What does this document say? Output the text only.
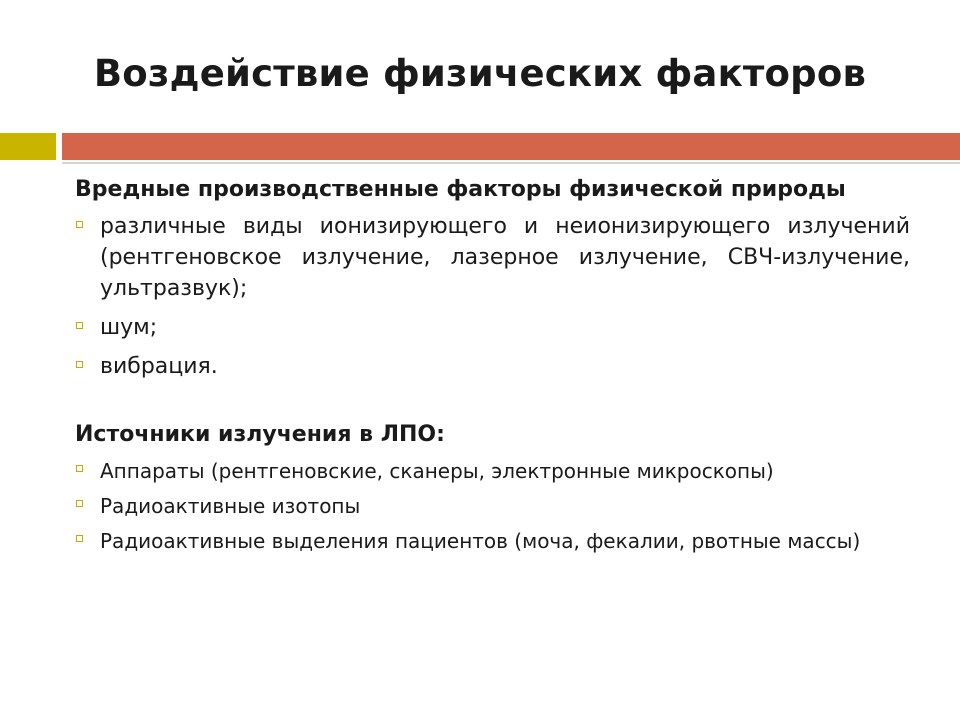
Воздействие физических факторов
Вредные производственные факторы физической природы
различные виды ионизирующего и неионизирующего излучений (рентгеновское излучение, лазерное излучение, СВЧ-излучение, ультразвук);
шум;
вибрация.
Источники излучения в ЛПО:
Аппараты (рентгеновские, сканеры, электронные микроскопы)
Радиоактивные изотопы
Радиоактивные выделения пациентов (моча, фекалии, рвотные массы)
